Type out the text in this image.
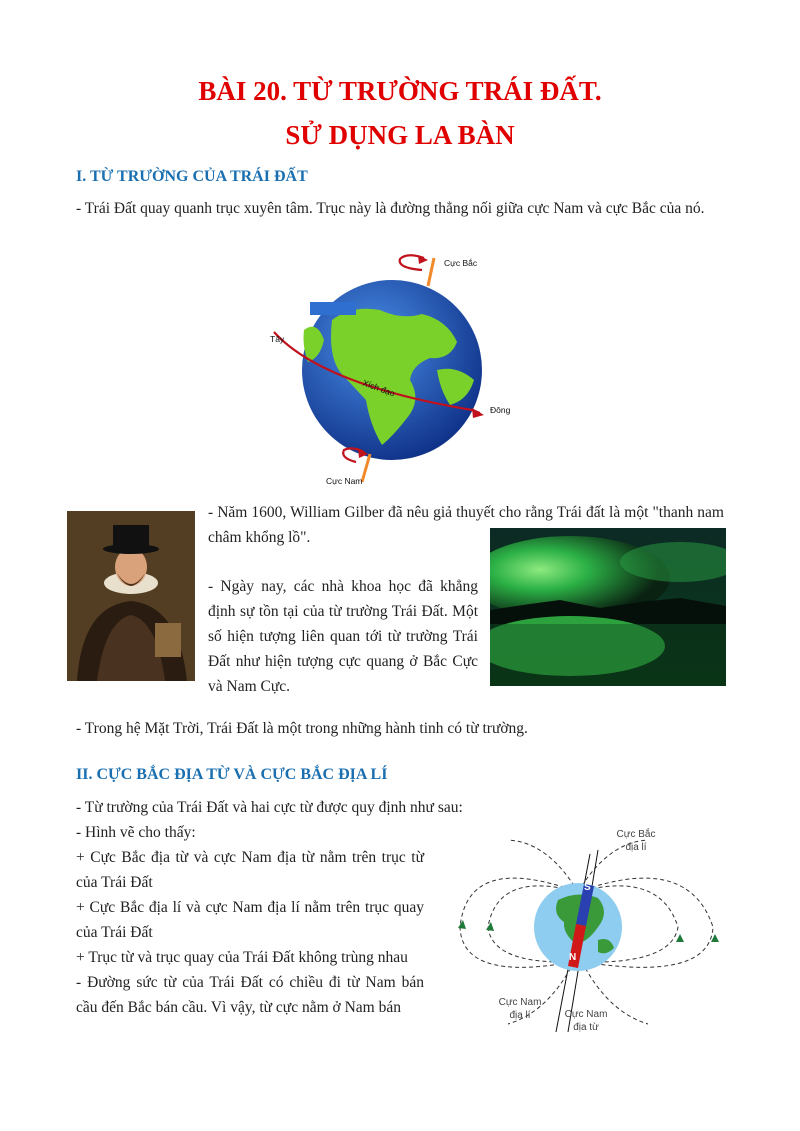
BÀI 20. TỪ TRƯỜNG TRÁI ĐẤT.
SỬ DỤNG LA BÀN
I. TỪ TRƯỜNG CỦA TRÁI ĐẤT
- Trái Đất quay quanh trục xuyên tâm. Trục này là đường thẳng nối giữa cực Nam và cực Bắc của nó.
Cực Bắc
Cực Nam
Tây
Đông
Xích đạo
- Năm 1600, William Gilber đã nêu giả thuyết cho rằng Trái đất là một "thanh nam châm khổng lồ".
- Ngày nay, các nhà khoa học đã khẳng định sự tồn tại của từ trường Trái Đất. Một số hiện tượng liên quan tới từ trường Trái Đất như hiện tượng cực quang ở Bắc Cực và Nam Cực.
- Trong hệ Mặt Trời, Trái Đất là một trong những hành tinh có từ trường.
II. CỰC BẮC ĐỊA TỪ VÀ CỰC BẮC ĐỊA LÍ
- Từ trường của Trái Đất và hai cực từ được quy định như sau:
- Hình vẽ cho thấy:
+ Cực Bắc địa từ và cực Nam địa từ nằm trên trục từ của Trái Đất
+ Cực Bắc địa lí và cực Nam địa lí nằm trên trục quay của Trái Đất
+ Trục từ và trục quay của Trái Đất không trùng nhau
- Đường sức từ của Trái Đất có chiều đi từ Nam bán cầu đến Bắc bán cầu. Vì vậy, từ cực nằm ở Nam bán
S
N
Cực Bắc
địa lí
Cực Nam
địa lí	Cực Nam
địa từ
